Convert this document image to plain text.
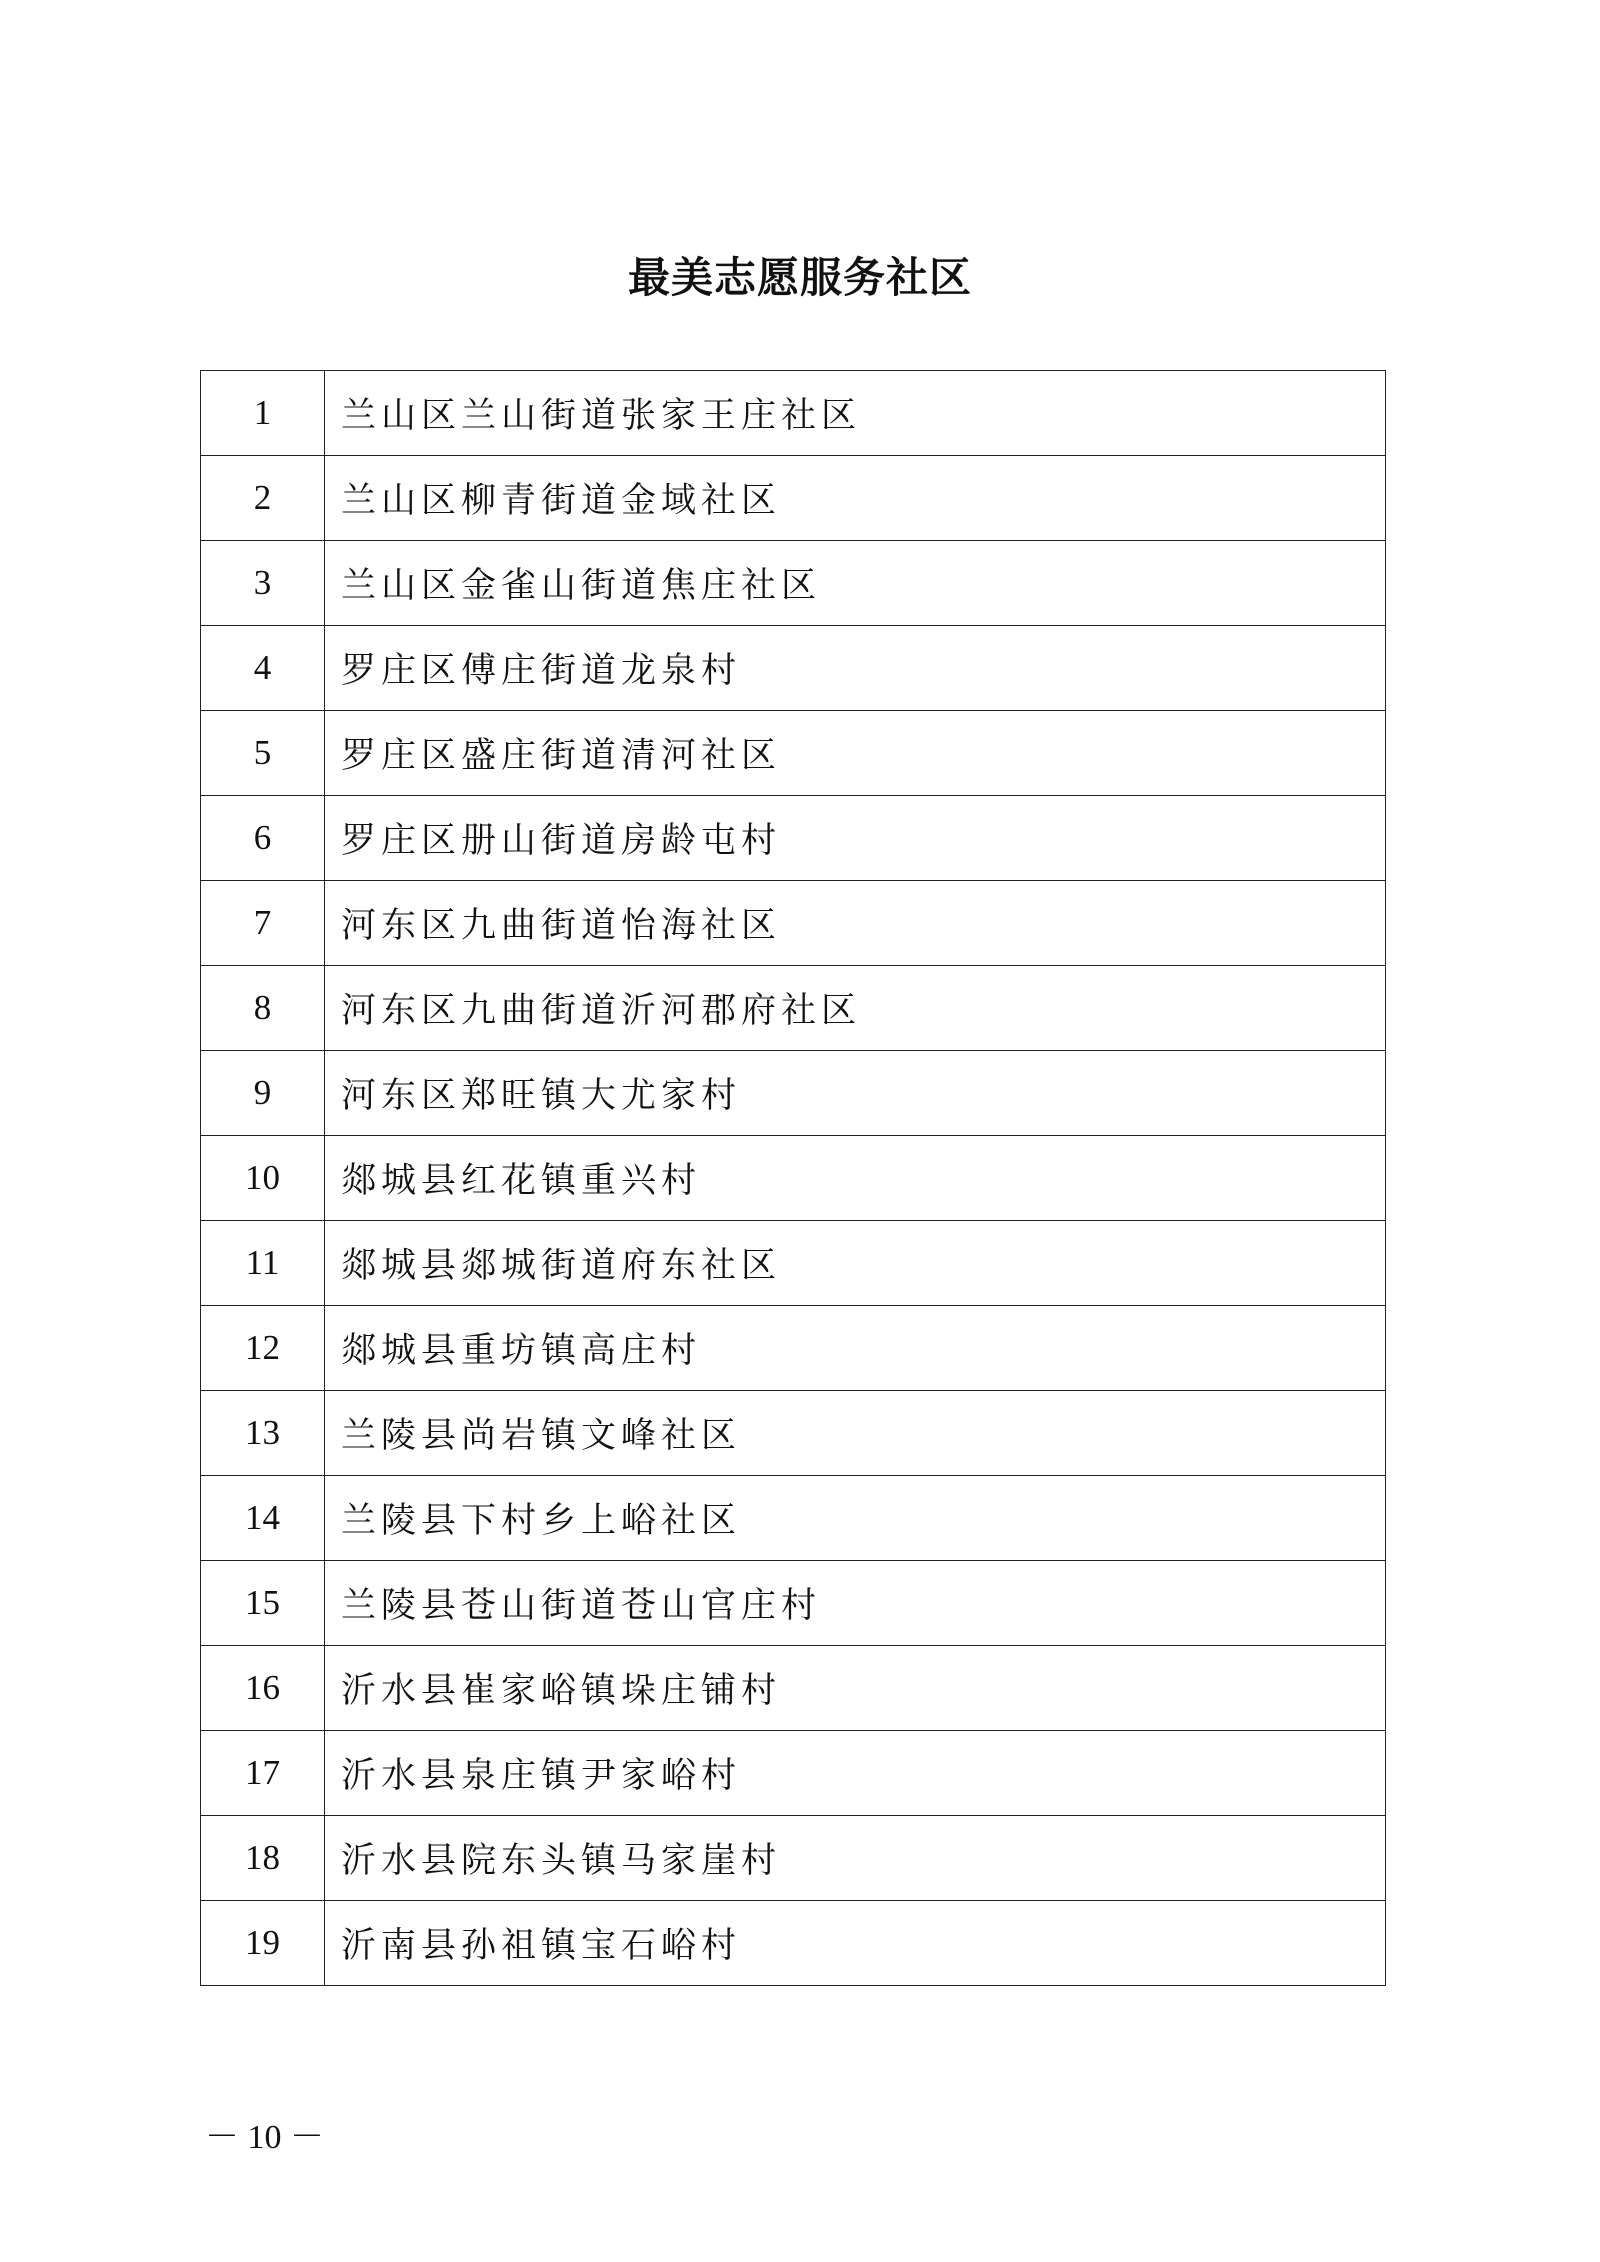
最美志愿服务社区
1	兰山区兰山街道张家王庄社区
2	兰山区柳青街道金域社区
3	兰山区金雀山街道焦庄社区
4	罗庄区傅庄街道龙泉村
5	罗庄区盛庄街道清河社区
6	罗庄区册山街道房龄屯村
7	河东区九曲街道怡海社区
8	河东区九曲街道沂河郡府社区
9	河东区郑旺镇大尤家村
10	郯城县红花镇重兴村
11	郯城县郯城街道府东社区
12	郯城县重坊镇高庄村
13	兰陵县尚岩镇文峰社区
14	兰陵县下村乡上峪社区
15	兰陵县苍山街道苍山官庄村
16	沂水县崔家峪镇垛庄铺村
17	沂水县泉庄镇尹家峪村
18	沂水县院东头镇马家崖村
19	沂南县孙祖镇宝石峪村
－ 10 －
